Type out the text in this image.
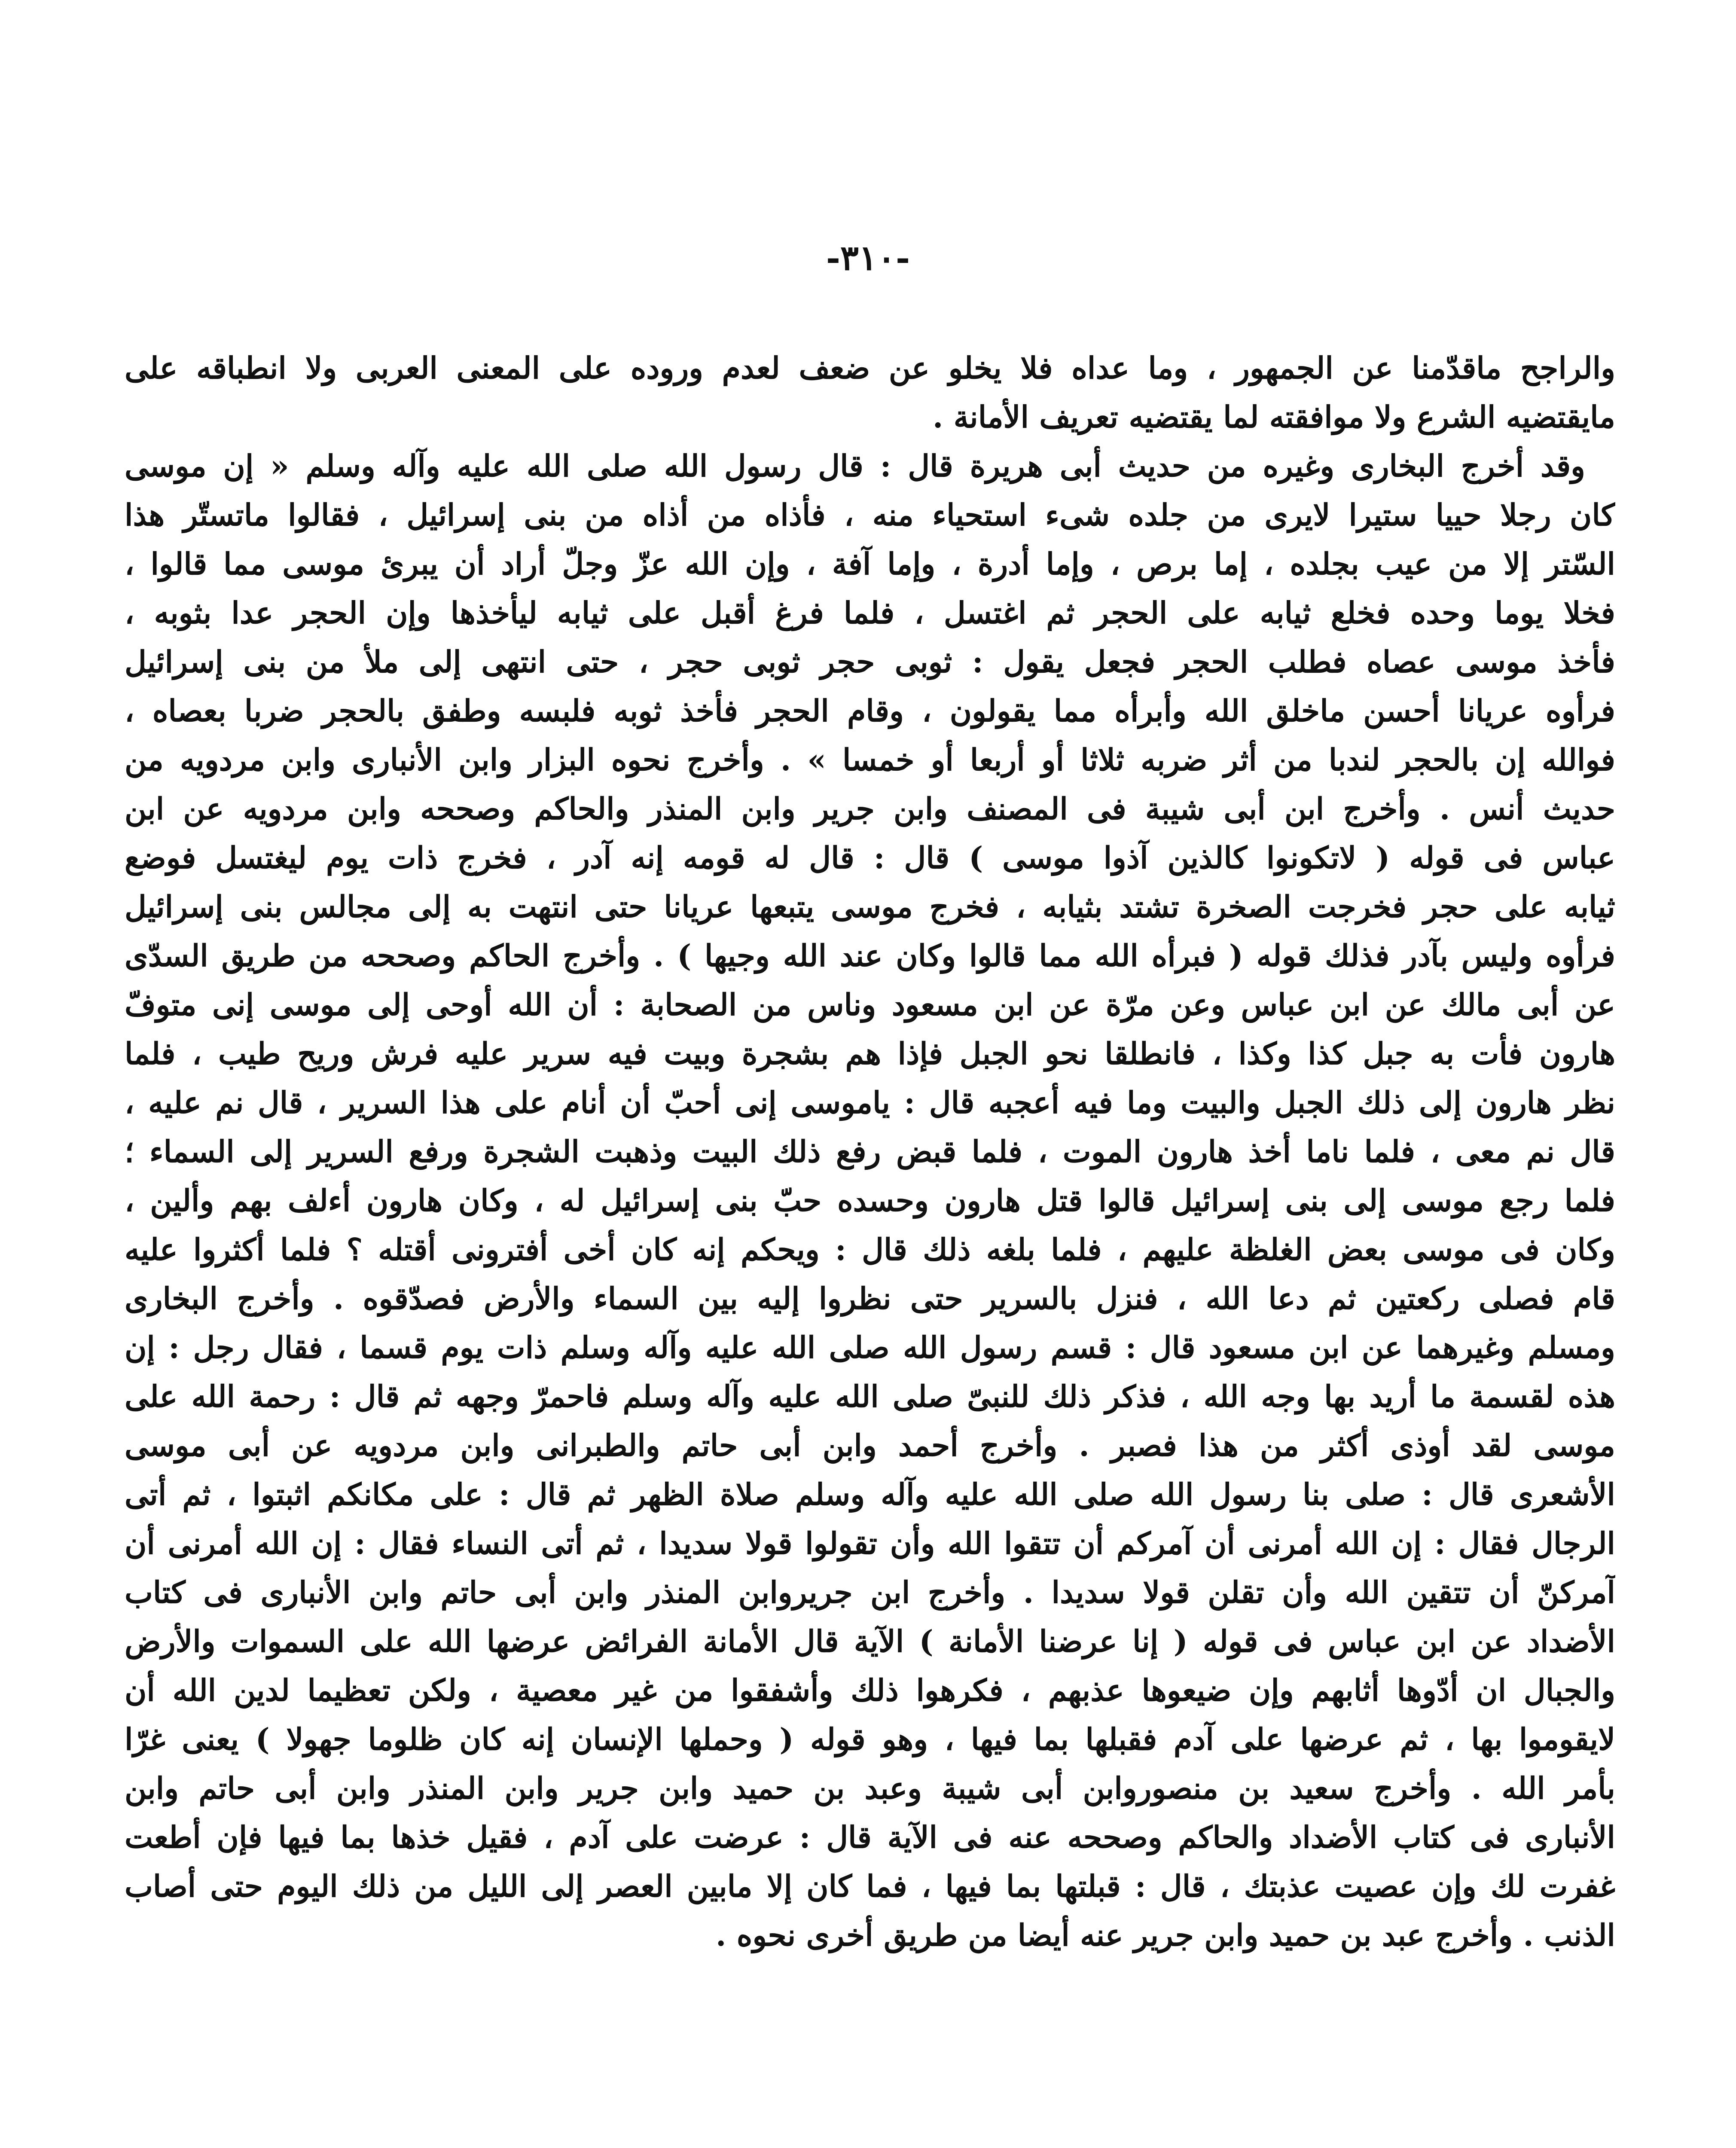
-٣١٠-
والراجح ماقدّمنا عن الجمهور ، وما عداه فلا يخلو عن ضعف لعدم وروده على المعنى العربى ولا انطباقه على
مايقتضيه الشرع ولا موافقته لما يقتضيه تعريف الأمانة .
وقد أخرج البخارى وغيره من حديث أبى هريرة قال : قال رسول الله صلى الله عليه وآله وسلم « إن موسى
كان رجلا حييا ستيرا لايرى من جلده شىء استحياء منه ، فأذاه من أذاه من بنى إسرائيل ، فقالوا ماتستّر هذا
السّتر إلا من عيب بجلده ، إما برص ، وإما أدرة ، وإما آفة ، وإن الله عزّ وجلّ أراد أن يبرئ موسى مما قالوا ،
فخلا يوما وحده فخلع ثيابه على الحجر ثم اغتسل ، فلما فرغ أقبل على ثيابه ليأخذها وإن الحجر عدا بثوبه ،
فأخذ موسى عصاه فطلب الحجر فجعل يقول : ثوبى حجر ثوبى حجر ، حتى انتهى إلى ملأ من بنى إسرائيل
فرأوه عريانا أحسن ماخلق الله وأبرأه مما يقولون ، وقام الحجر فأخذ ثوبه فلبسه وطفق بالحجر ضربا بعصاه ،
فوالله إن بالحجر لندبا من أثر ضربه ثلاثا أو أربعا أو خمسا » . وأخرج نحوه البزار وابن الأنبارى وابن مردويه من
حديث أنس . وأخرج ابن أبى شيبة فى المصنف وابن جرير وابن المنذر والحاكم وصححه وابن مردويه عن ابن
عباس فى قوله ( لاتكونوا كالذين آذوا موسى ) قال : قال له قومه إنه آدر ، فخرج ذات يوم ليغتسل فوضع
ثيابه على حجر فخرجت الصخرة تشتد بثيابه ، فخرج موسى يتبعها عريانا حتى انتهت به إلى مجالس بنى إسرائيل
فرأوه وليس بآدر فذلك قوله ( فبرأه الله مما قالوا وكان عند الله وجيها ) . وأخرج الحاكم وصححه من طريق السدّى
عن أبى مالك عن ابن عباس وعن مرّة عن ابن مسعود وناس من الصحابة : أن الله أوحى إلى موسى إنى متوفّ
هارون فأت به جبل كذا وكذا ، فانطلقا نحو الجبل فإذا هم بشجرة وبيت فيه سرير عليه فرش وريح طيب ، فلما
نظر هارون إلى ذلك الجبل والبيت وما فيه أعجبه قال : ياموسى إنى أحبّ أن أنام على هذا السرير ، قال نم عليه ،
قال نم معى ، فلما ناما أخذ هارون الموت ، فلما قبض رفع ذلك البيت وذهبت الشجرة ورفع السرير إلى السماء ؛
فلما رجع موسى إلى بنى إسرائيل قالوا قتل هارون وحسده حبّ بنى إسرائيل له ، وكان هارون أءلف بهم وألين ،
وكان فى موسى بعض الغلظة عليهم ، فلما بلغه ذلك قال : ويحكم إنه كان أخى أفترونى أقتله ؟ فلما أكثروا عليه
قام فصلى ركعتين ثم دعا الله ، فنزل بالسرير حتى نظروا إليه بين السماء والأرض فصدّقوه . وأخرج البخارى
ومسلم وغيرهما عن ابن مسعود قال : قسم رسول الله صلى الله عليه وآله وسلم ذات يوم قسما ، فقال رجل : إن
هذه لقسمة ما أريد بها وجه الله ، فذكر ذلك للنبىّ صلى الله عليه وآله وسلم فاحمرّ وجهه ثم قال : رحمة الله على
موسى لقد أوذى أكثر من هذا فصبر . وأخرج أحمد وابن أبى حاتم والطبرانى وابن مردويه عن أبى موسى
الأشعرى قال : صلى بنا رسول الله صلى الله عليه وآله وسلم صلاة الظهر ثم قال : على مكانكم اثبتوا ، ثم أتى
الرجال فقال : إن الله أمرنى أن آمركم أن تتقوا الله وأن تقولوا قولا سديدا ، ثم أتى النساء فقال : إن الله أمرنى أن
آمركنّ أن تتقين الله وأن تقلن قولا سديدا . وأخرج ابن جريروابن المنذر وابن أبى حاتم وابن الأنبارى فى كتاب
الأضداد عن ابن عباس فى قوله ( إنا عرضنا الأمانة ) الآية قال الأمانة الفرائض عرضها الله على السموات والأرض
والجبال ان أدّوها أثابهم وإن ضيعوها عذبهم ، فكرهوا ذلك وأشفقوا من غير معصية ، ولكن تعظيما لدين الله أن
لايقوموا بها ، ثم عرضها على آدم فقبلها بما فيها ، وهو قوله ( وحملها الإنسان إنه كان ظلوما جهولا ) يعنى غرّا
بأمر الله . وأخرج سعيد بن منصوروابن أبى شيبة وعبد بن حميد وابن جرير وابن المنذر وابن أبى حاتم وابن
الأنبارى فى كتاب الأضداد والحاكم وصححه عنه فى الآية قال : عرضت على آدم ، فقيل خذها بما فيها فإن أطعت
غفرت لك وإن عصيت عذبتك ، قال : قبلتها بما فيها ، فما كان إلا مابين العصر إلى الليل من ذلك اليوم حتى أصاب
الذنب . وأخرج عبد بن حميد وابن جرير عنه أيضا من طريق أخرى نحوه .
